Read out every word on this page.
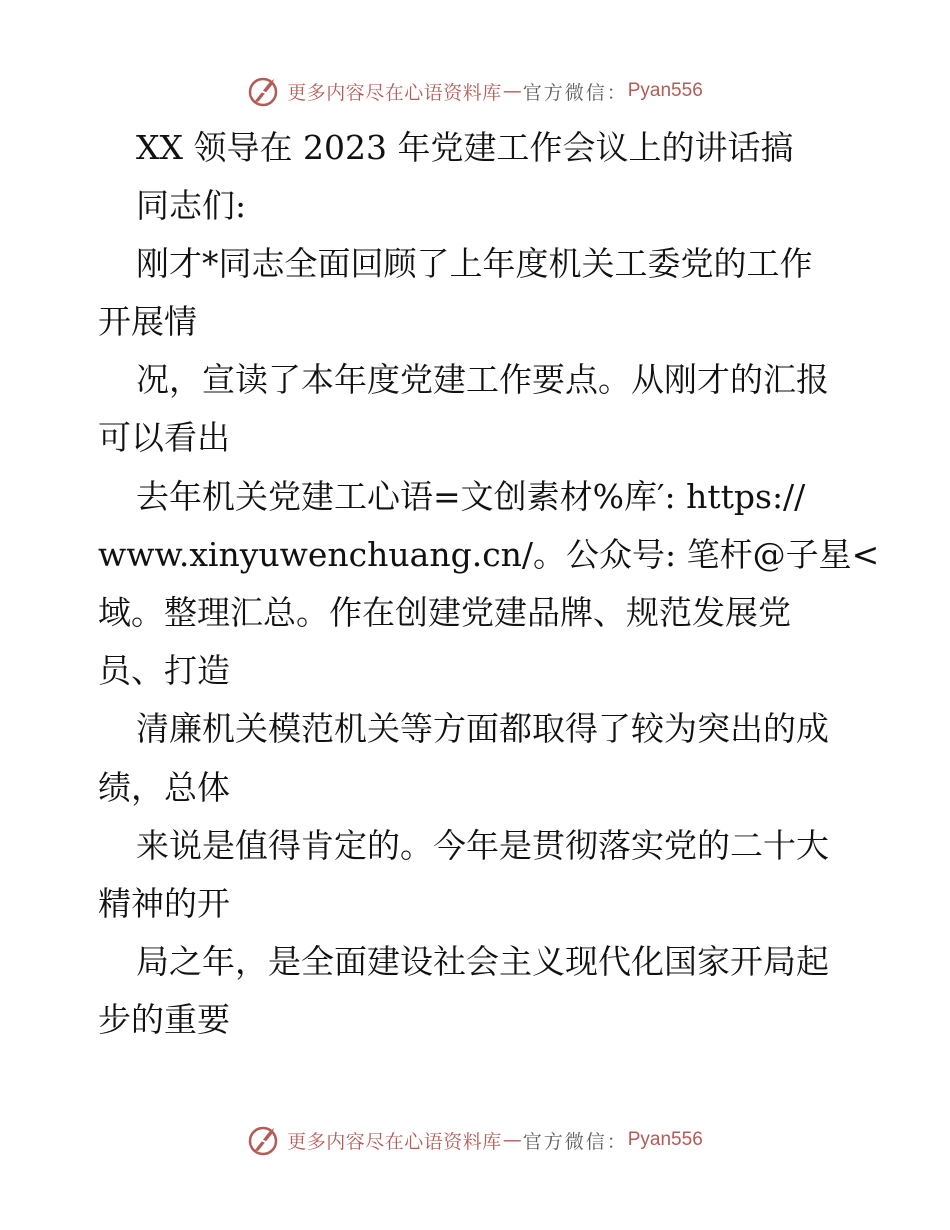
更多内容尽在心语资料库 — 官方微信： Pyan556
XX 领导在 2023 年党建工作会议上的讲话搞
同志们:
刚才*同志全面回顾了上年度机关工委党的工作
开展情
况，宣读了本年度党建工作要点。从刚才的汇报
可以看出
去年机关党建工心语=文创素材%库′: https://
www.xinyuwenchuang.cn/。公众号: 笔杆@子星<
域。整理汇总。作在创建党建品牌、规范发展党
员、打造
清廉机关模范机关等方面都取得了较为突出的成
绩，总体
来说是值得肯定的。今年是贯彻落实党的二十大
精神的开
局之年，是全面建设社会主义现代化国家开局起
步的重要
更多内容尽在心语资料库 — 官方微信： Pyan556
